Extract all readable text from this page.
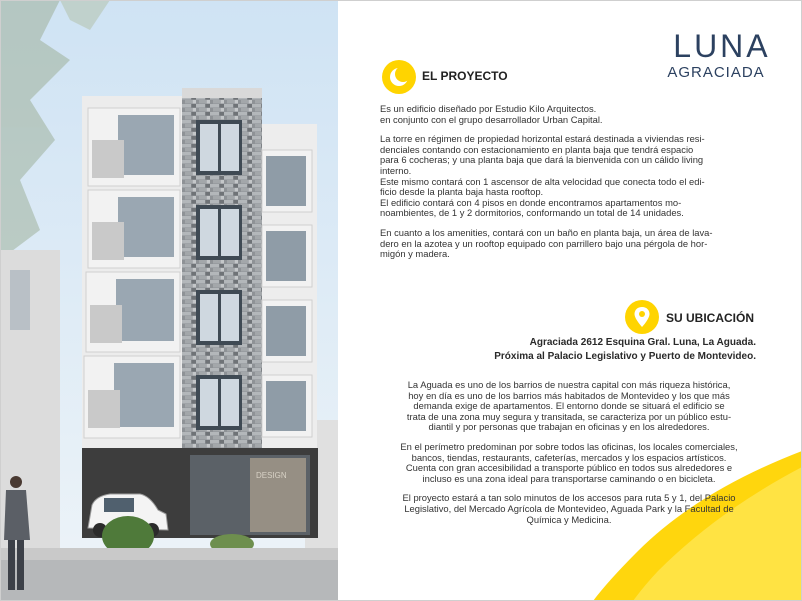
DESIGN
LUNA
AGRACIADA
EL PROYECTO

Es un edificio diseñado por Estudio Kilo Arquitectos.
en conjunto con el grupo desarrollador Urban Capital.

La torre en régimen de propiedad horizontal estará destinada a viviendas resi-
denciales contando con estacionamiento en planta baja que tendrá espacio
para 6 cocheras; y una planta baja que dará la bienvenida con un cálido living
interno.
Este mismo contará con 1 ascensor de alta velocidad que conecta todo el edi-
ficio desde la planta baja hasta rooftop.
El edificio contará con 4 pisos en donde encontramos apartamentos mo-
noambientes, de 1 y 2 dormitorios, conformando un total de 14 unidades.

En cuanto a los amenities, contará con un baño en planta baja, un área de lava-
dero en la azotea y un rooftop equipado con parrillero bajo una pérgola de hor-
migón y madera.

SU UBICACIÓN
Agraciada 2612 Esquina Gral. Luna, La Aguada.
Próxima al Palacio Legislativo y Puerto de Montevideo.

La Aguada es uno de los barrios de nuestra capital con más riqueza histórica,
hoy en día es uno de los barrios más habitados de Montevideo y los que más
demanda exige de apartamentos. El entorno donde se situará el edificio se
trata de una zona muy segura y transitada, se caracteriza por un público estu-
diantil y por personas que trabajan en oficinas y en los alrededores.

En el perímetro predominan por sobre todos las oficinas, los locales comerciales,
bancos, tiendas, restaurants, cafeterías, mercados y los espacios artísticos.
Cuenta con gran accesibilidad a transporte público en todos sus alrededores e
incluso es una zona ideal para transportarse caminando o en bicicleta.

El proyecto estará a tan solo minutos de los accesos para ruta 5 y 1, del Palacio
Legislativo, del Mercado Agrícola de Montevideo, Aguada Park y la Facultad de
Química y Medicina.
